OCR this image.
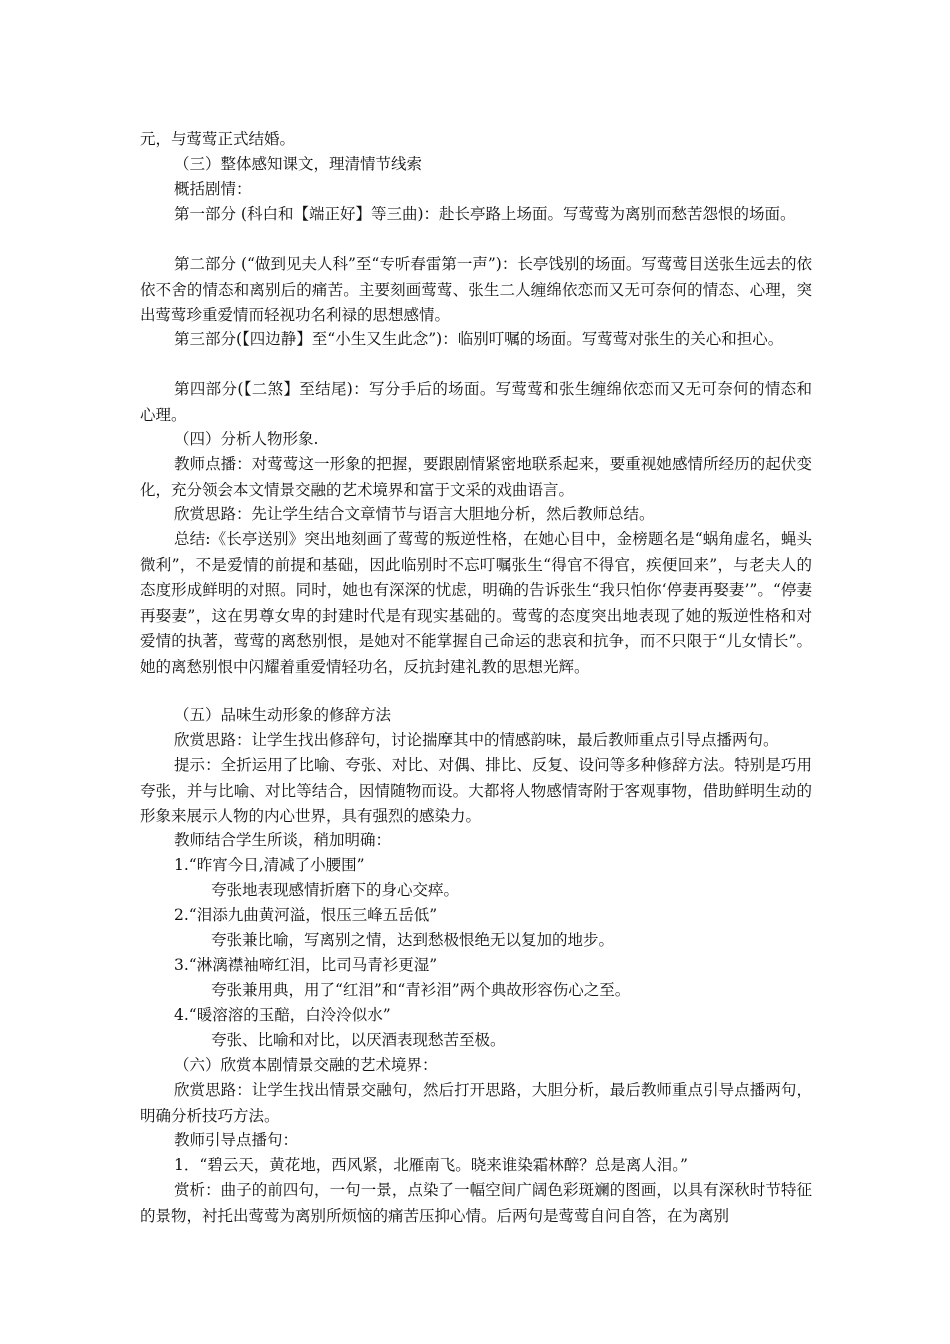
元，与莺莺正式结婚。

（三）整体感知课文，理清情节线索

概括剧情：

第一部分 (科白和【端正好】等三曲)：赴长亭路上场面。写莺莺为离别而愁苦怨恨的场面。

第二部分 (“做到见夫人科”至“专听春雷第一声”)：长亭饯别的场面。写莺莺目送张生远去的依依不舍的情态和离别后的痛苦。主要刻画莺莺、张生二人缠绵依恋而又无可奈何的情态、心理，突出莺莺珍重爱情而轻视功名利禄的思想感情。

第三部分(【四边静】至“小生又生此念”)：临别叮嘱的场面。写莺莺对张生的关心和担心。

第四部分(【二煞】至结尾)：写分手后的场面。写莺莺和张生缠绵依恋而又无可奈何的情态和心理。

（四）分析人物形象.

教师点播：对莺莺这一形象的把握，要跟剧情紧密地联系起来，要重视她感情所经历的起伏变化，充分领会本文情景交融的艺术境界和富于文采的戏曲语言。

欣赏思路：先让学生结合文章情节与语言大胆地分析，然后教师总结。

总结:《长亭送别》突出地刻画了莺莺的叛逆性格，在她心目中，金榜题名是“蜗角虚名，蝇头微利”，不是爱情的前提和基础，因此临别时不忘叮嘱张生“得官不得官，疾便回来”，与老夫人的态度形成鲜明的对照。同时，她也有深深的忧虑，明确的告诉张生“我只怕你‘停妻再娶妻’”。“停妻再娶妻”，这在男尊女卑的封建时代是有现实基础的。莺莺的态度突出地表现了她的叛逆性格和对爱情的执著，莺莺的离愁别恨，是她对不能掌握自己命运的悲哀和抗争，而不只限于“儿女情长”。她的离愁别恨中闪耀着重爱情轻功名，反抗封建礼教的思想光辉。

（五）品味生动形象的修辞方法

欣赏思路：让学生找出修辞句，讨论揣摩其中的情感韵味，最后教师重点引导点播两句。

提示：全折运用了比喻、夸张、对比、对偶、排比、反复、设问等多种修辞方法。特别是巧用夸张，并与比喻、对比等结合，因情随物而设。大都将人物感情寄附于客观事物，借助鲜明生动的形象来展示人物的内心世界，具有强烈的感染力。

教师结合学生所谈，稍加明确：

1.“昨宵今日,清减了小腰围”

夸张地表现感情折磨下的身心交瘁。

2.“泪添九曲黄河溢，恨压三峰五岳低”

夸张兼比喻，写离别之情，达到愁极恨绝无以复加的地步。

3.“淋漓襟袖啼红泪，比司马青衫更湿”

夸张兼用典，用了“红泪”和“青衫泪”两个典故形容伤心之至。

4.“暖溶溶的玉醅，白泠泠似水”

夸张、比喻和对比，以厌酒表现愁苦至极。

（六）欣赏本剧情景交融的艺术境界：

欣赏思路：让学生找出情景交融句，然后打开思路，大胆分析，最后教师重点引导点播两句，明确分析技巧方法。

教师引导点播句：

1．“碧云天，黄花地，西风紧，北雁南飞。晓来谁染霜林醉？总是离人泪。”

赏析：曲子的前四句，一句一景，点染了一幅空间广阔色彩斑斓的图画，以具有深秋时节特征的景物，衬托出莺莺为离别所烦恼的痛苦压抑心情。后两句是莺莺自问自答，在为离别
